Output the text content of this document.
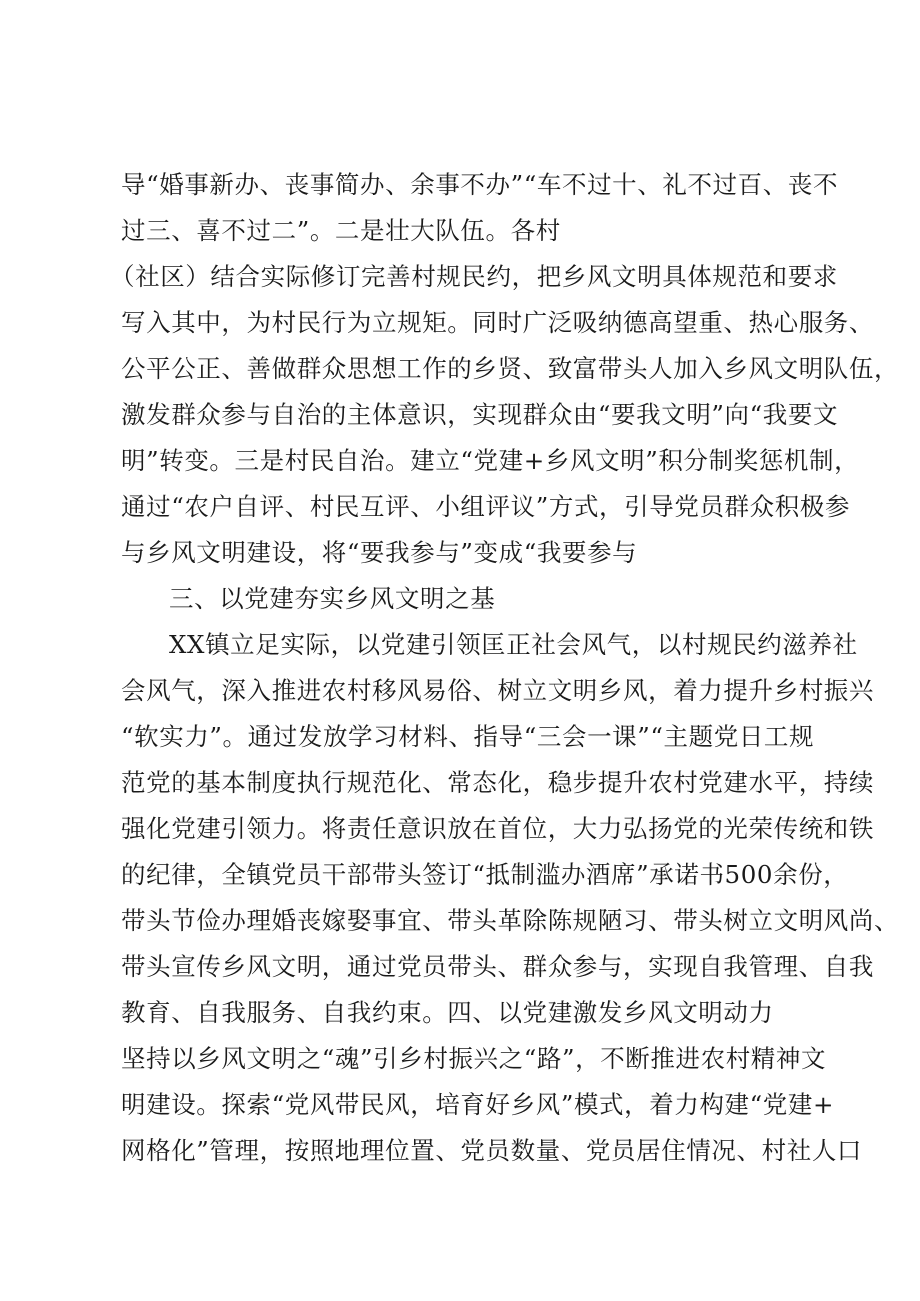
导“婚事新办、丧事简办、余事不办”“车不过十、礼不过百、丧不
过三、喜不过二”。二是壮大队伍。各村
（社区）结合实际修订完善村规民约，把乡风文明具体规范和要求
写入其中，为村民行为立规矩。同时广泛吸纳德高望重、热心服务、
公平公正、善做群众思想工作的乡贤、致富带头人加入乡风文明队伍，
激发群众参与自治的主体意识，实现群众由“要我文明”向“我要文
明”转变。三是村民自治。建立“党建+乡风文明”积分制奖惩机制，
通过“农户自评、村民互评、小组评议”方式，引导党员群众积极参
与乡风文明建设，将“要我参与”变成“我要参与
三、以党建夯实乡风文明之基
XX镇立足实际，以党建引领匡正社会风气，以村规民约滋养社
会风气，深入推进农村移风易俗、树立文明乡风，着力提升乡村振兴
“软实力”。通过发放学习材料、指导“三会一课”“主题党日工规
范党的基本制度执行规范化、常态化，稳步提升农村党建水平，持续
强化党建引领力。将责任意识放在首位，大力弘扬党的光荣传统和铁
的纪律，全镇党员干部带头签订“抵制滥办酒席”承诺书500余份，
带头节俭办理婚丧嫁娶事宜、带头革除陈规陋习、带头树立文明风尚、
带头宣传乡风文明，通过党员带头、群众参与，实现自我管理、自我
教育、自我服务、自我约束。四、以党建激发乡风文明动力
坚持以乡风文明之“魂”引乡村振兴之“路”，不断推进农村精神文
明建设。探索“党风带民风，培育好乡风”模式，着力构建“党建+
网格化”管理，按照地理位置、党员数量、党员居住情况、村社人口
